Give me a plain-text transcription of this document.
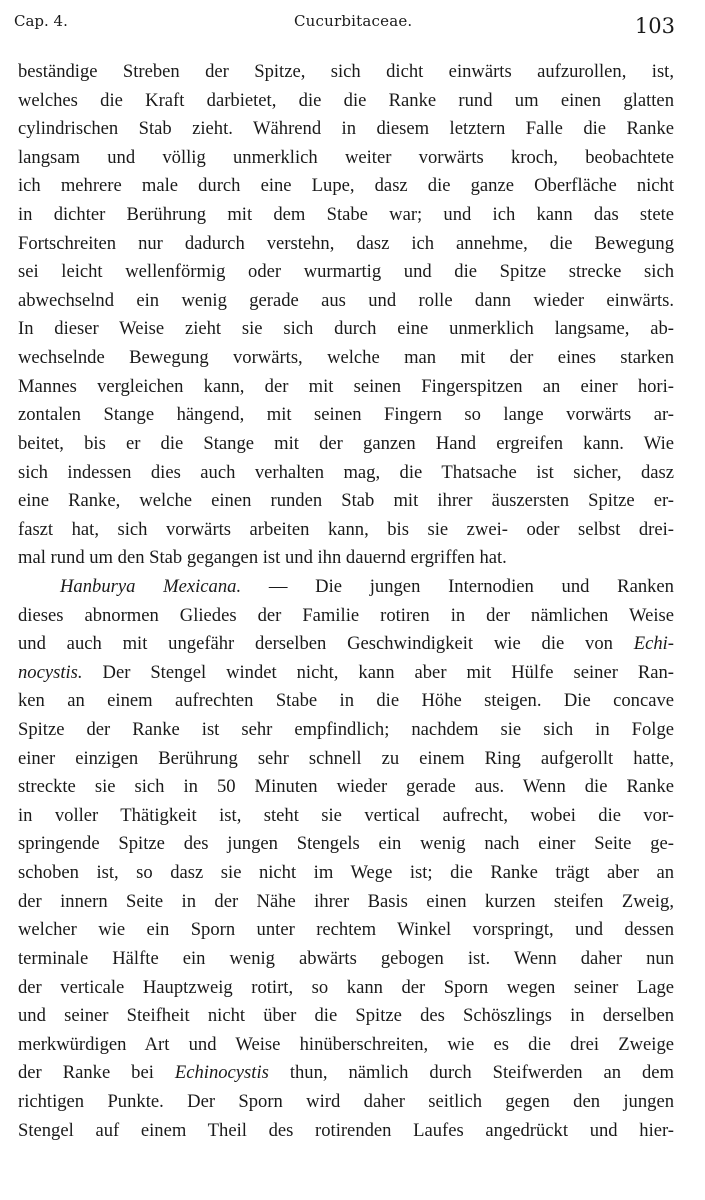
Cap. 4.	Cucurbitaceae.	103
beständige Streben der Spitze, sich dicht einwärts aufzurollen, ist,
welches die Kraft darbietet, die die Ranke rund um einen glatten
cylindrischen Stab zieht. Während in diesem letztern Falle die Ranke
langsam und völlig unmerklich weiter vorwärts kroch, beobachtete
ich mehrere male durch eine Lupe, dasz die ganze Oberfläche nicht
in dichter Berührung mit dem Stabe war; und ich kann das stete
Fortschreiten nur dadurch verstehn, dasz ich annehme, die Bewegung
sei leicht wellenförmig oder wurmartig und die Spitze strecke sich
abwechselnd ein wenig gerade aus und rolle dann wieder einwärts.
In dieser Weise zieht sie sich durch eine unmerklich langsame, ab-
wechselnde Bewegung vorwärts, welche man mit der eines starken
Mannes vergleichen kann, der mit seinen Fingerspitzen an einer hori-
zontalen Stange hängend, mit seinen Fingern so lange vorwärts ar-
beitet, bis er die Stange mit der ganzen Hand ergreifen kann. Wie
sich indessen dies auch verhalten mag, die Thatsache ist sicher, dasz
eine Ranke, welche einen runden Stab mit ihrer äuszersten Spitze er-
faszt hat, sich vorwärts arbeiten kann, bis sie zwei- oder selbst drei-
mal rund um den Stab gegangen ist und ihn dauernd ergriffen hat.
Hanburya Mexicana. — Die jungen Internodien und Ranken
dieses abnormen Gliedes der Familie rotiren in der nämlichen Weise
und auch mit ungefähr derselben Geschwindigkeit wie die von Echi-
nocystis. Der Stengel windet nicht, kann aber mit Hülfe seiner Ran-
ken an einem aufrechten Stabe in die Höhe steigen. Die concave
Spitze der Ranke ist sehr empfindlich; nachdem sie sich in Folge
einer einzigen Berührung sehr schnell zu einem Ring aufgerollt hatte,
streckte sie sich in 50 Minuten wieder gerade aus. Wenn die Ranke
in voller Thätigkeit ist, steht sie vertical aufrecht, wobei die vor-
springende Spitze des jungen Stengels ein wenig nach einer Seite ge-
schoben ist, so dasz sie nicht im Wege ist; die Ranke trägt aber an
der innern Seite in der Nähe ihrer Basis einen kurzen steifen Zweig,
welcher wie ein Sporn unter rechtem Winkel vorspringt, und dessen
terminale Hälfte ein wenig abwärts gebogen ist. Wenn daher nun
der verticale Hauptzweig rotirt, so kann der Sporn wegen seiner Lage
und seiner Steifheit nicht über die Spitze des Schöszlings in derselben
merkwürdigen Art und Weise hinüberschreiten, wie es die drei Zweige
der Ranke bei Echinocystis thun, nämlich durch Steifwerden an dem
richtigen Punkte. Der Sporn wird daher seitlich gegen den jungen
Stengel auf einem Theil des rotirenden Laufes angedrückt und hier-
